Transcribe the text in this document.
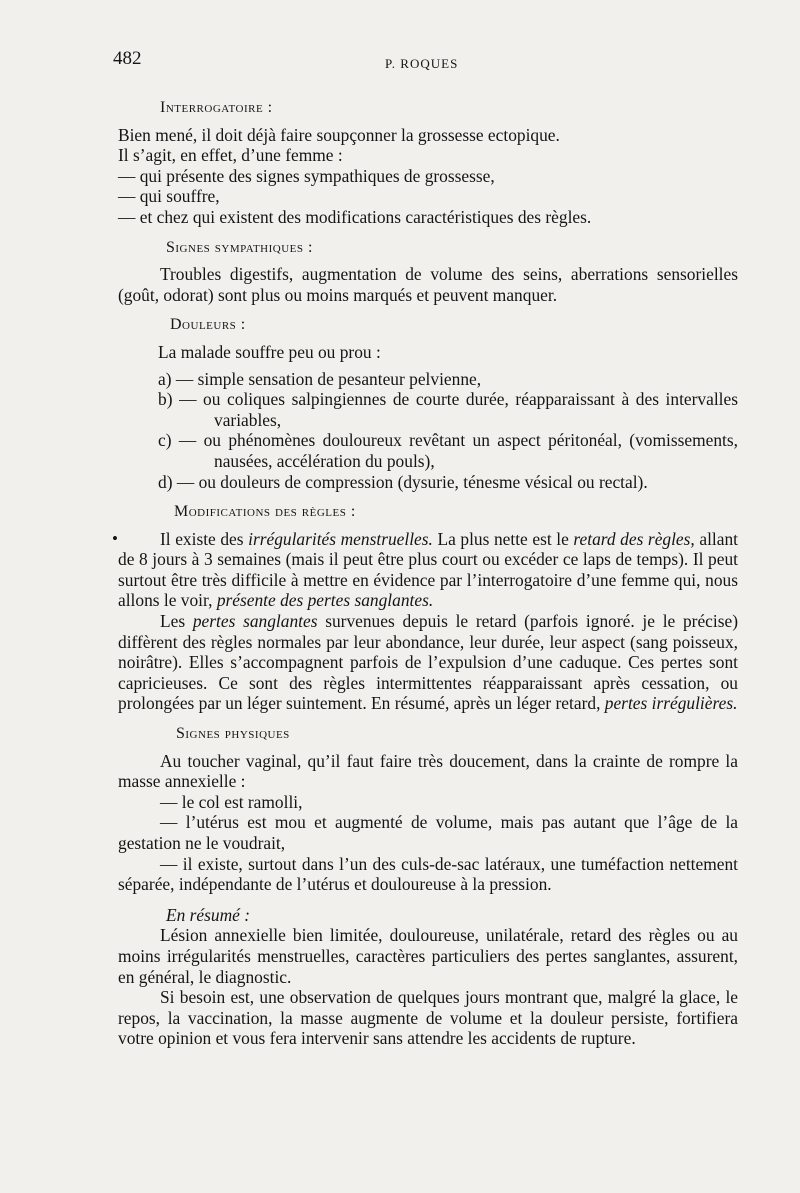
482	P. ROQUES
Interrogatoire :

Bien mené, il doit déjà faire soupçonner la grossesse ectopique.

Il s’agit, en effet, d’une femme :

— qui présente des signes sympathiques de grossesse,

— qui souffre,

— et chez qui existent des modifications caractéristiques des règles.

Signes sympathiques :

Troubles digestifs, augmentation de volume des seins, aberrations sensorielles (goût, odorat) sont plus ou moins marqués et peuvent manquer.

Douleurs :

La malade souffre peu ou prou :

a) — simple sensation de pesanteur pelvienne,

b) — ou coliques salpingiennes de courte durée, réapparaissant à des intervalles variables,

c) — ou phénomènes douloureux revêtant un aspect péritonéal, (vomissements, nausées, accélération du pouls),

d) — ou douleurs de compression (dysurie, ténesme vésical ou rectal).

Modifications des règles :
•	Il existe des irrégularités menstruelles. La plus nette est le retard des règles, allant de 8 jours à 3 semaines (mais il peut être plus court ou excéder ce laps de temps). Il peut surtout être très difficile à mettre en évidence par l’interrogatoire d’une femme qui, nous allons le voir, présente des pertes sanglantes.

Les pertes sanglantes survenues depuis le retard (parfois ignoré. je le précise) diffèrent des règles normales par leur abondance, leur durée, leur aspect (sang poisseux, noirâtre). Elles s’accompagnent parfois de l’expulsion d’une caduque. Ces pertes sont capricieuses. Ce sont des règles intermittentes réapparaissant après cessation, ou prolongées par un léger suintement. En résumé, après un léger retard, pertes irrégulières.

Signes physiques

Au toucher vaginal, qu’il faut faire très doucement, dans la crainte de rompre la masse annexielle :

— le col est ramolli,

— l’utérus est mou et augmenté de volume, mais pas autant que l’âge de la gestation ne le voudrait,

— il existe, surtout dans l’un des culs-de-sac latéraux, une tuméfaction nettement séparée, indépendante de l’utérus et douloureuse à la pression.

En résumé :

Lésion annexielle bien limitée, douloureuse, unilatérale, retard des règles ou au moins irrégularités menstruelles, caractères particuliers des pertes sanglantes, assurent, en général, le diagnostic.

Si besoin est, une observation de quelques jours montrant que, malgré la glace, le repos, la vaccination, la masse augmente de volume et la douleur persiste, fortifiera votre opinion et vous fera intervenir sans attendre les accidents de rupture.
